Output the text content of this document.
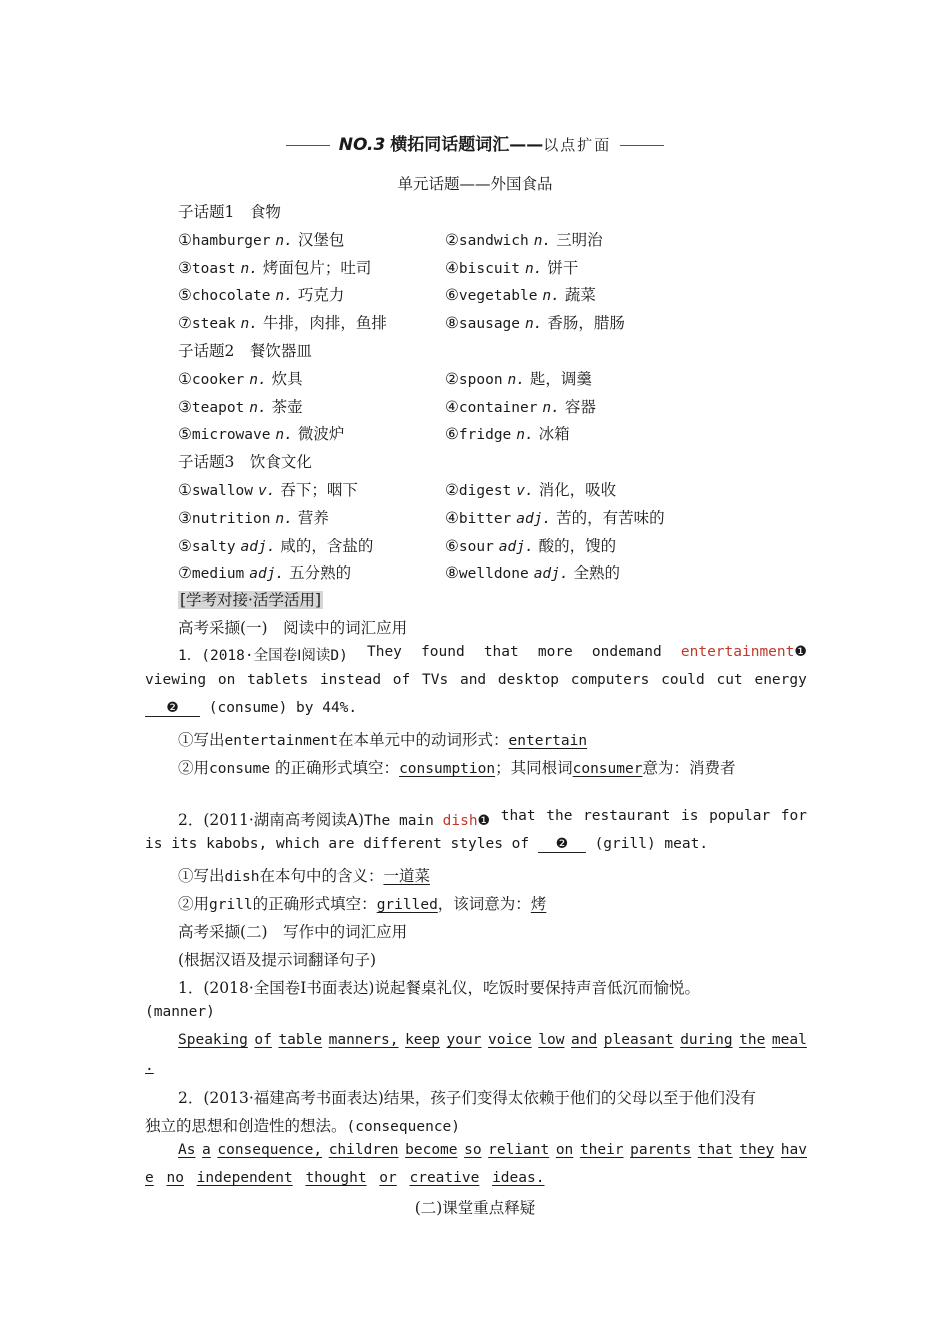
NO.3 横拓同话题词汇——以点扩面
单元话题——外国食品
子话题1　食物
①hamburger n. 汉堡包	②sandwich n. 三明治
③toast n. 烤面包片；吐司	④biscuit n. 饼干
⑤chocolate n. 巧克力	⑥vegetable n. 蔬菜
⑦steak n. 牛排，肉排，鱼排	⑧sausage n. 香肠，腊肠
子话题2　餐饮器皿
①cooker n. 炊具	②spoon n. 匙，调羹
③teapot n. 茶壶	④container n. 容器
⑤microwave n. 微波炉	⑥fridge n. 冰箱
子话题3　饮食文化
①swallow v. 吞下；咽下	②digest v. 消化，吸收
③nutrition n. 营养	④bitter adj. 苦的，有苦味的
⑤salty adj. 咸的，含盐的	⑥sour adj. 酸的，馊的
⑦medium adj. 五分熟的	⑧welldone adj. 全熟的
[学考对接·活学活用]
高考采撷(一)　阅读中的词汇应用
1．(2018·全国卷Ⅰ阅读D) They found that more ondemand entertainment❶
viewing on tablets instead of TVs and desktop computers could cut energy
❷ (consume) by 44%.
①写出entertainment在本单元中的动词形式：entertain
②用consume 的正确形式填空：consumption；其同根词consumer意为：消费者
2．(2011·湖南高考阅读A)The main dish❶ that the restaurant is popular for
is its kabobs, which are different styles of ❷ (grill) meat.
①写出dish在本句中的含义：一道菜
②用grill的正确形式填空：grilled，该词意为：烤
高考采撷(二)　写作中的词汇应用
(根据汉语及提示词翻译句子)
1．(2018·全国卷Ⅰ书面表达)说起餐桌礼仪，吃饭时要保持声音低沉而愉悦。
(manner)
Speaking of table manners, keep your voice low and pleasant during the meal
.
2．(2013·福建高考书面表达)结果，孩子们变得太依赖于他们的父母以至于他们没有
独立的思想和创造性的想法。(consequence)
As a consequence, children become so reliant on their parents that they hav
e no independent thought or creative ideas.
(二)课堂重点释疑
